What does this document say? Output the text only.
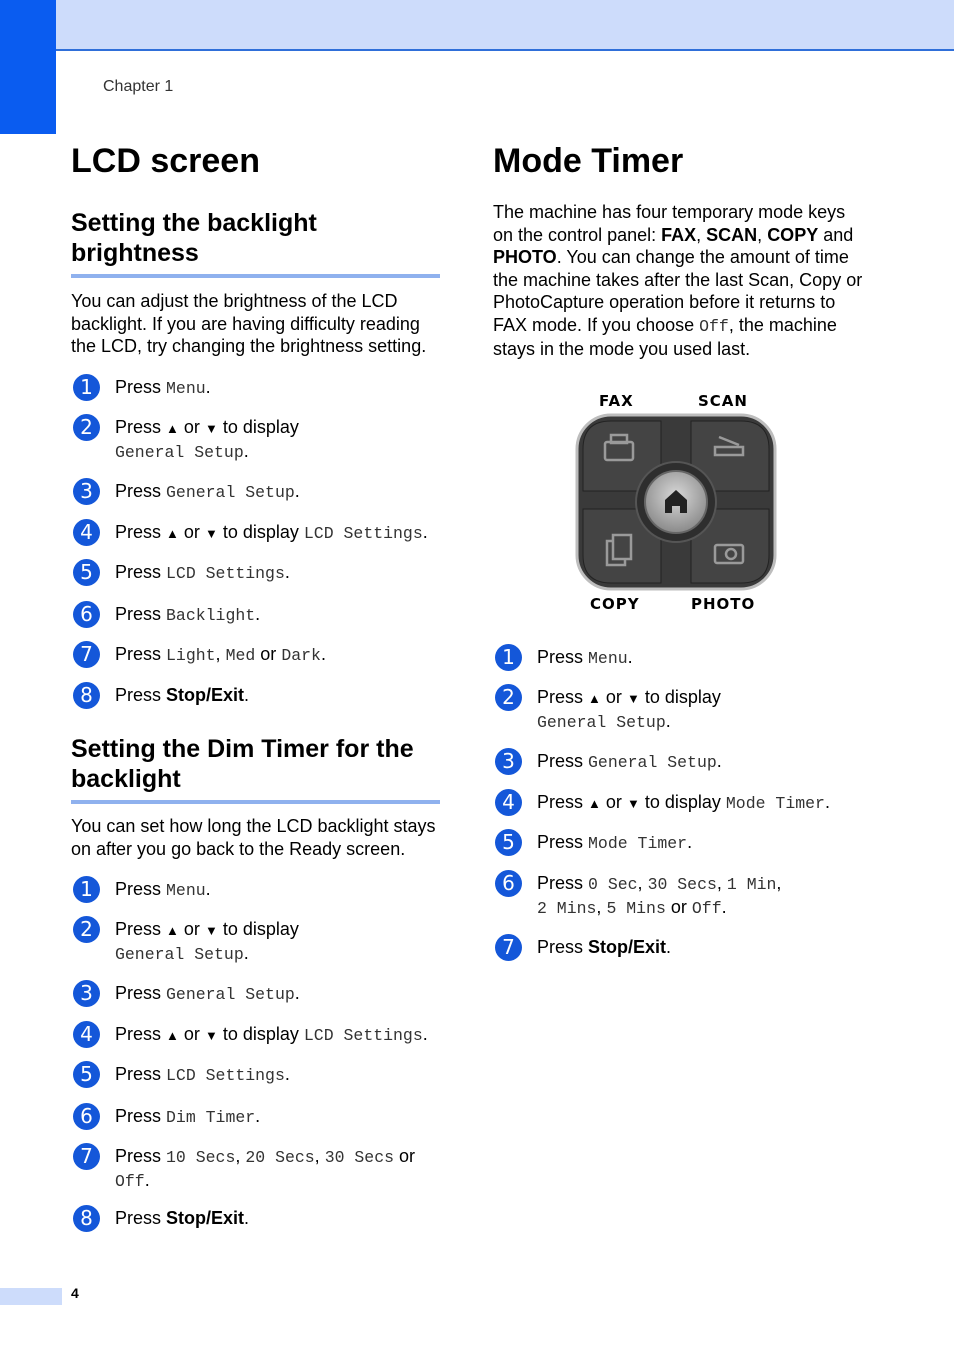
Chapter 1
LCD screen
Setting the backlight brightness

You can adjust the brightness of the LCD backlight. If you are having difficulty reading the LCD, try changing the brightness setting.

1	Press Menu.
2	Press ▲ or ▼ to display
General Setup.
3	Press General Setup.
4	Press ▲ or ▼ to display LCD Settings.
5	Press LCD Settings.
6	Press Backlight.
7	Press Light, Med or Dark.
8	Press Stop/Exit.
Setting the Dim Timer for the backlight

You can set how long the LCD backlight stays on after you go back to the Ready screen.

1	Press Menu.
2	Press ▲ or ▼ to display
General Setup.
3	Press General Setup.
4	Press ▲ or ▼ to display LCD Settings.
5	Press LCD Settings.
6	Press Dim Timer.
7	Press 10 Secs, 20 Secs, 30 Secs or
Off.
8	Press Stop/Exit.
Mode Timer

The machine has four temporary mode keys on the control panel: FAX, SCAN, COPY and PHOTO. You can change the amount of time the machine takes after the last Scan, Copy or PhotoCapture operation before it returns to FAX mode. If you choose Off, the machine stays in the mode you used last.

FAX	SCAN
COPY	PHOTO
1	Press Menu.
2	Press ▲ or ▼ to display
General Setup.
3	Press General Setup.
4	Press ▲ or ▼ to display Mode Timer.
5	Press Mode Timer.
6	Press 0 Sec, 30 Secs, 1 Min,
2 Mins, 5 Mins or Off.
7	Press Stop/Exit.
4
